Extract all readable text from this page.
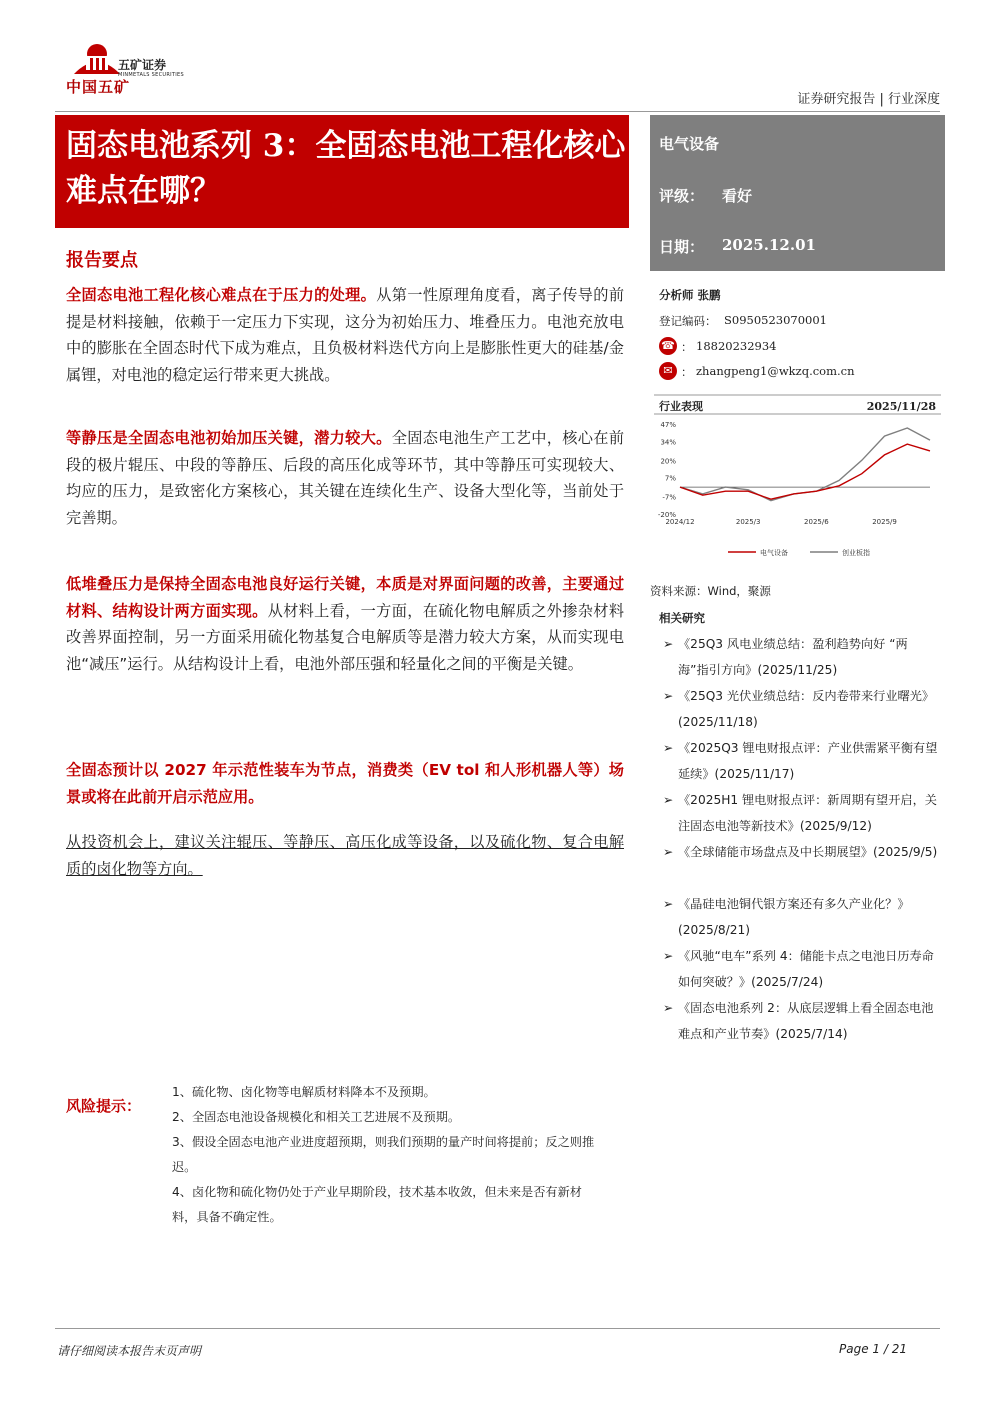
中国五矿
五矿证券
MINMETALS SECURITIES
证券研究报告 | 行业深度
固态电池系列 3：全固态电池工程化核心难点在哪？
电气设备
评级： 看好
日期： 2025.12.01
分析师 张鹏
登记编码： S0950523070001
☎ ： 18820232934
✉ ： zhangpeng1@wkzq.com.cn
报告要点
全固态电池工程化核心难点在于压力的处理。从第一性原理角度看，离子传导的前提是材料接触，依赖于一定压力下实现，这分为初始压力、堆叠压力。电池充放电中的膨胀在全固态时代下成为难点，且负极材料迭代方向上是膨胀性更大的硅基/金属锂，对电池的稳定运行带来更大挑战。
等静压是全固态电池初始加压关键，潜力较大。全固态电池生产工艺中，核心在前段的极片辊压、中段的等静压、后段的高压化成等环节，其中等静压可实现较大、均应的压力，是致密化方案核心，其关键在连续化生产、设备大型化等，当前处于完善期。
低堆叠压力是保持全固态电池良好运行关键，本质是对界面问题的改善，主要通过材料、结构设计两方面实现。从材料上看，一方面，在硫化物电解质之外掺杂材料改善界面控制，另一方面采用硫化物基复合电解质等是潜力较大方案，从而实现电池“减压”运行。从结构设计上看，电池外部压强和轻量化之间的平衡是关键。
全固态预计以 2027 年示范性装车为节点，消费类（EV tol 和人形机器人等）场景或将在此前开启示范应用。
从投资机会上，建议关注辊压、等静压、高压化成等设备，以及硫化物、复合电解质的卤化物等方向。
行业表现	2025/11/28
47%
34%
20%
7%
-7%
-20%
2024/12	2025/3	2025/6	2025/9
电气设备	创业板指
资料来源：Wind，聚源
相关研究
➢ 《25Q3 风电业绩总结：盈利趋势向好 “两海”指引方向》(2025/11/25)
➢ 《25Q3 光伏业绩总结：反内卷带来行业曙光》(2025/11/18)
➢ 《2025Q3 锂电财报点评：产业供需紧平衡有望延续》(2025/11/17)
➢ 《2025H1 锂电财报点评：新周期有望开启，关注固态电池等新技术》(2025/9/12)
➢ 《全球储能市场盘点及中长期展望》(2025/9/5)
➢ 《晶硅电池铜代银方案还有多久产业化？》(2025/8/21)
➢ 《风驰“电车”系列 4：储能卡点之电池日历寿命如何突破？》(2025/7/24)
➢ 《固态电池系列 2：从底层逻辑上看全固态电池难点和产业节奏》(2025/7/14)
风险提示：
1、硫化物、卤化物等电解质材料降本不及预期。
2、全固态电池设备规模化和相关工艺进展不及预期。
3、假设全固态电池产业进度超预期，则我们预期的量产时间将提前；反之则推迟。
4、卤化物和硫化物仍处于产业早期阶段，技术基本收敛，但未来是否有新材料，具备不确定性。
请仔细阅读本报告末页声明	Page 1 / 21
